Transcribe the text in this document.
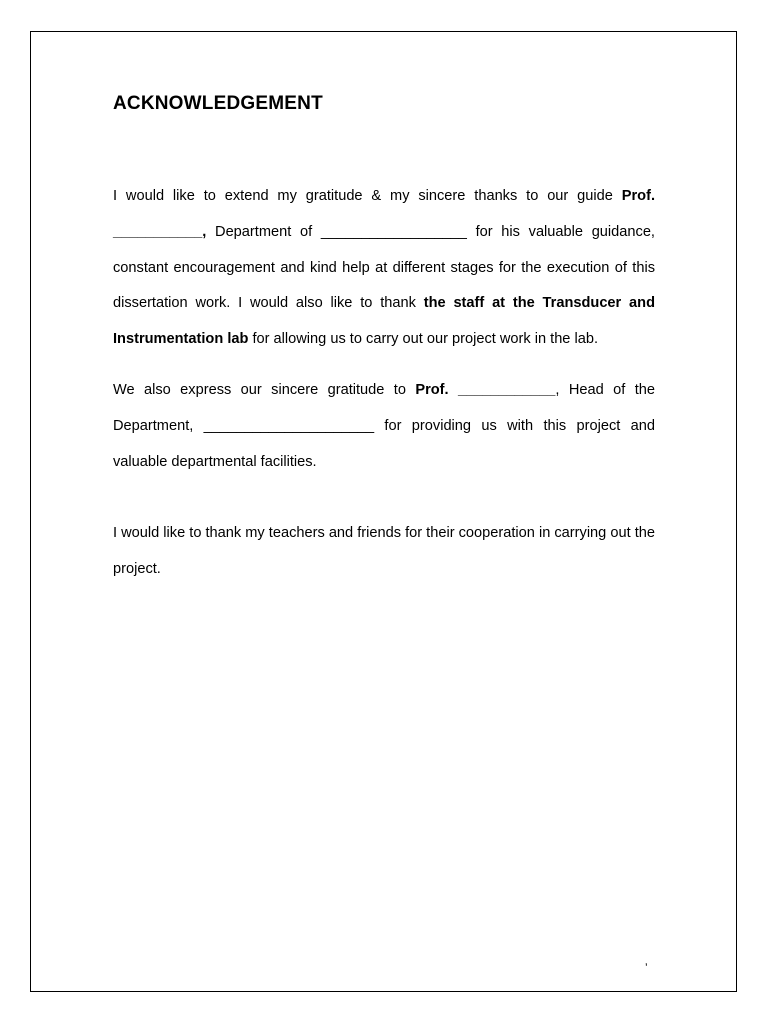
ACKNOWLEDGEMENT

I would like to extend my gratitude & my sincere thanks to our guide Prof. ___________, Department of __________________ for his valuable guidance, constant encouragement and kind help at different stages for the execution of this dissertation work. I would also like to thank the staff at the Transducer and Instrumentation lab for allowing us to carry out our project work in the lab.

We also express our sincere gratitude to Prof. ____________, Head of the Department, _____________________ for providing us with this project and valuable departmental facilities.

I would like to thank my teachers and friends for their cooperation in carrying out the project.

ʼ
